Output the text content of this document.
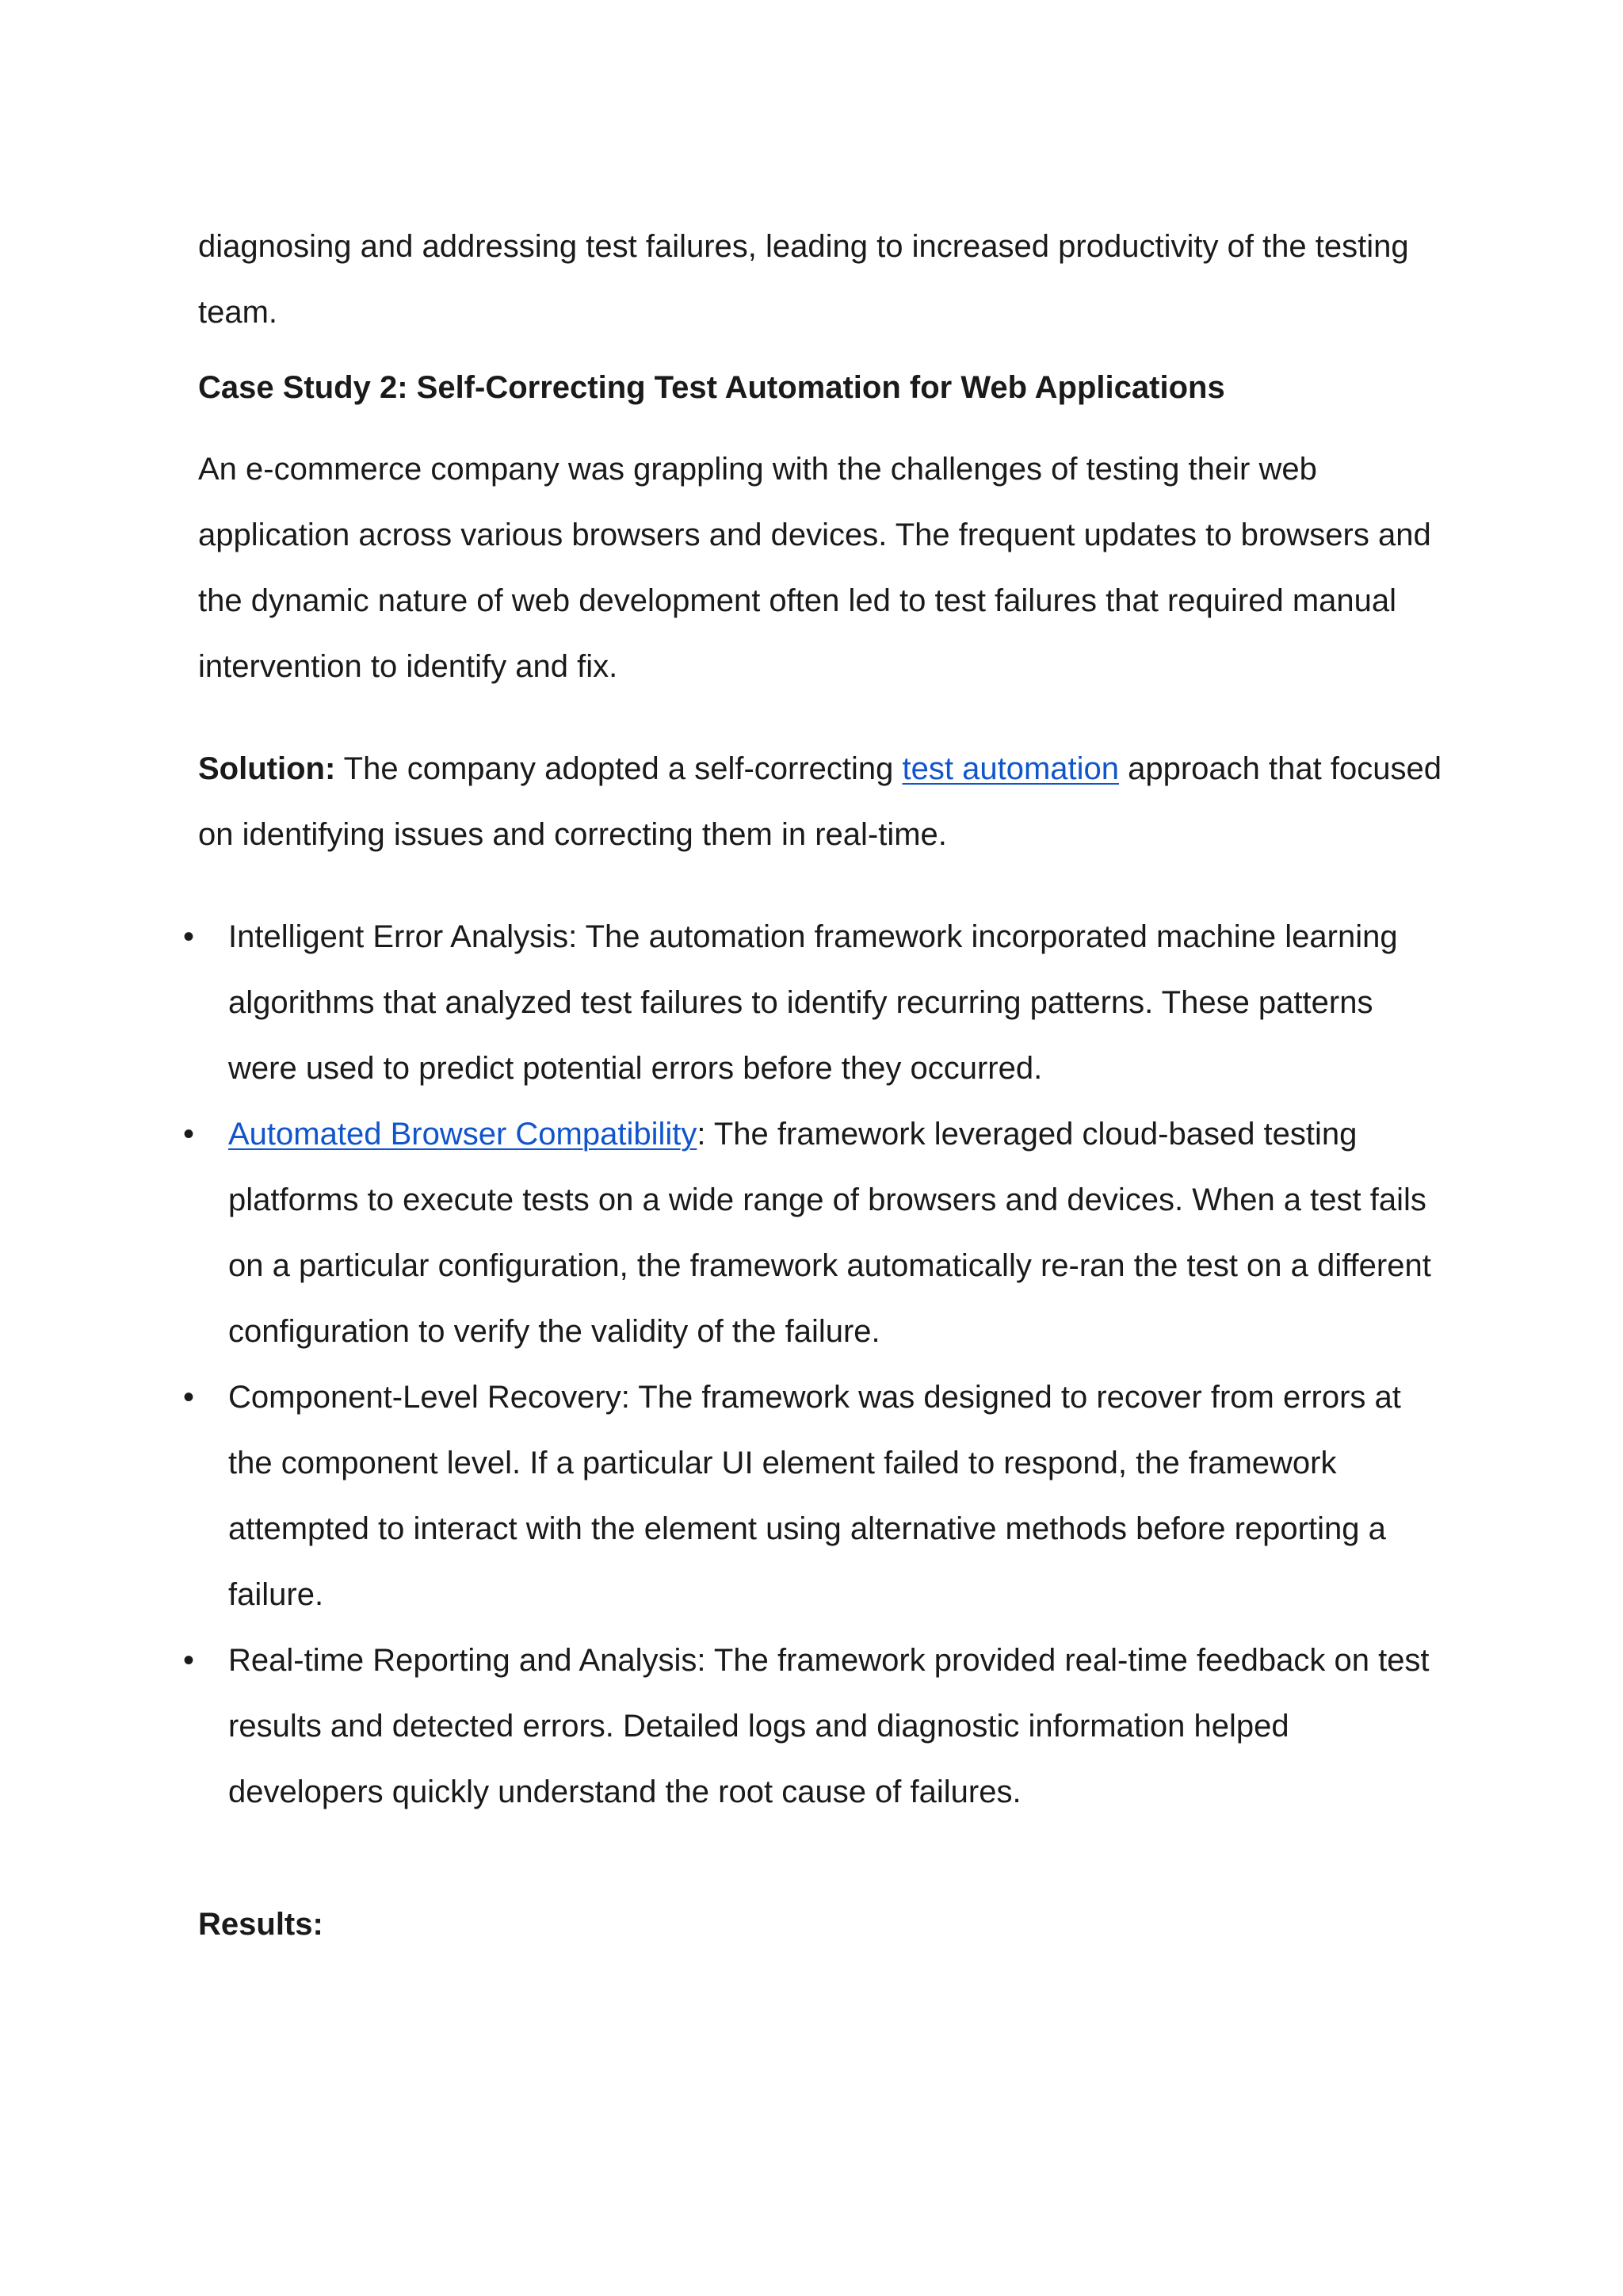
diagnosing and addressing test failures, leading to increased productivity of the testing team.

Case Study 2: Self-Correcting Test Automation for Web Applications

An e-commerce company was grappling with the challenges of testing their web application across various browsers and devices. The frequent updates to browsers and the dynamic nature of web development often led to test failures that required manual intervention to identify and fix.

Solution: The company adopted a self-correcting test automation approach that focused on identifying issues and correcting them in real-time.

• Intelligent Error Analysis: The automation framework incorporated machine learning algorithms that analyzed test failures to identify recurring patterns. These patterns were used to predict potential errors before they occurred.
• Automated Browser Compatibility: The framework leveraged cloud-based testing platforms to execute tests on a wide range of browsers and devices. When a test fails on a particular configuration, the framework automatically re-ran the test on a different configuration to verify the validity of the failure.
• Component-Level Recovery: The framework was designed to recover from errors at the component level. If a particular UI element failed to respond, the framework attempted to interact with the element using alternative methods before reporting a failure.
• Real-time Reporting and Analysis: The framework provided real-time feedback on test results and detected errors. Detailed logs and diagnostic information helped developers quickly understand the root cause of failures.

Results:
